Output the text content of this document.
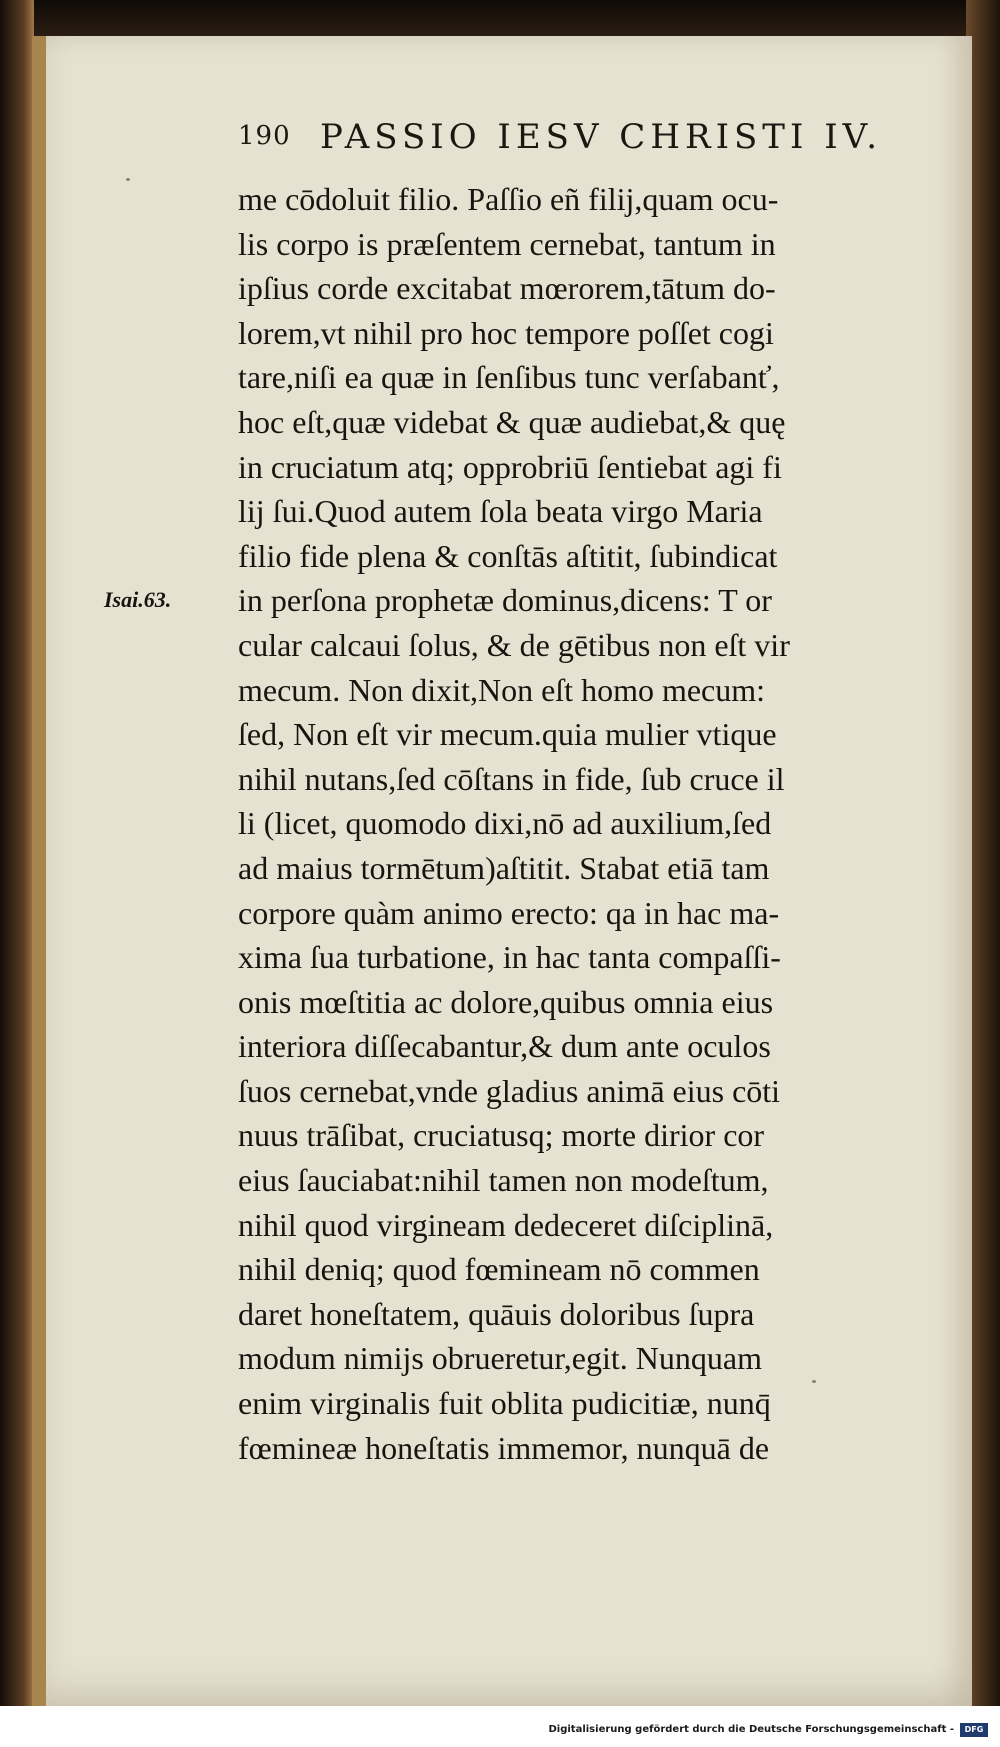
190 PASSIO IESV CHRISTI IV.
Isai.63.
me cōdoluit filio. Paſſio eñ filij,quam ocu-
lis corpo is præſentem cernebat, tantum in
ipſius corde excitabat mœrorem,tātum do-
lorem,vt nihil pro hoc tempore poſſet cogi
tare,niſi ea quæ in ſenſibus tunc verſabanť,
hoc eſt,quæ videbat & quæ audiebat,& quę
in cruciatum atq; opprobriū ſentiebat agi fi
lij ſui.Quod autem ſola beata virgo Maria
filio fide plena & conſtās aſtitit, ſubindicat
in perſona prophetæ dominus,dicens: T or
cular calcaui ſolus, & de gētibus non eſt vir
mecum. Non dixit,Non eſt homo mecum:
ſed, Non eſt vir mecum.quia mulier vtique
nihil nutans,ſed cōſtans in fide, ſub cruce il
li (licet, quomodo dixi,nō ad auxilium,ſed
ad maius tormētum)aſtitit. Stabat etiā tam
corpore quàm animo erecto: qa in hac ma-
xima ſua turbatione, in hac tanta compaſſi-
onis mœſtitia ac dolore,quibus omnia eius
interiora diſſecabantur,& dum ante oculos
ſuos cernebat,vnde gladius animā eius cōti
nuus trāſibat, cruciatusq; morte dirior cor
eius ſauciabat:nihil tamen non modeſtum,
nihil quod virgineam dedeceret diſciplinā,
nihil deniq; quod fœmineam nō commen
daret honeſtatem, quāuis doloribus ſupra
modum nimijs obrueretur,egit. Nunquam
enim virginalis fuit oblita pudicitiæ, nunq̄
fœmineæ honeſtatis immemor, nunquā de
Digitalisierung gefördert durch die Deutsche Forschungsgemeinschaft -	DFG
